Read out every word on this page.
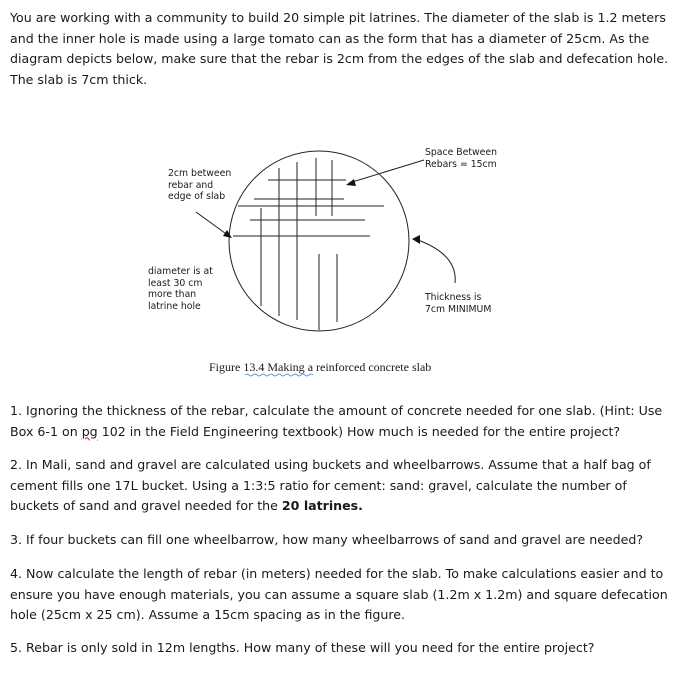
You are working with a community to build 20 simple pit latrines. The diameter of the slab is 1.2 meters and the inner hole is made using a large tomato can as the form that has a diameter of 25cm. As the diagram depicts below, make sure that the rebar is 2cm from the edges of the slab and defecation hole. The slab is 7cm thick.
2cm between rebar and edge of slab
diameter is at least 30 cm more than latrine hole
Space Between Rebars = 15cm
Thickness is 7cm MINIMUM
Figure 13.4 Making a reinforced concrete slab
1. Ignoring the thickness of the rebar, calculate the amount of concrete needed for one slab. (Hint: Use Box 6-1 on pg 102 in the Field Engineering textbook) How much is needed for the entire project?
2. In Mali, sand and gravel are calculated using buckets and wheelbarrows. Assume that a half bag of cement fills one 17L bucket. Using a 1:3:5 ratio for cement: sand: gravel, calculate the number of buckets of sand and gravel needed for the 20 latrines.
3. If four buckets can fill one wheelbarrow, how many wheelbarrows of sand and gravel are needed?
4. Now calculate the length of rebar (in meters) needed for the slab. To make calculations easier and to ensure you have enough materials, you can assume a square slab (1.2m x 1.2m) and square defecation hole (25cm x 25 cm). Assume a 15cm spacing as in the figure.
5. Rebar is only sold in 12m lengths. How many of these will you need for the entire project?
